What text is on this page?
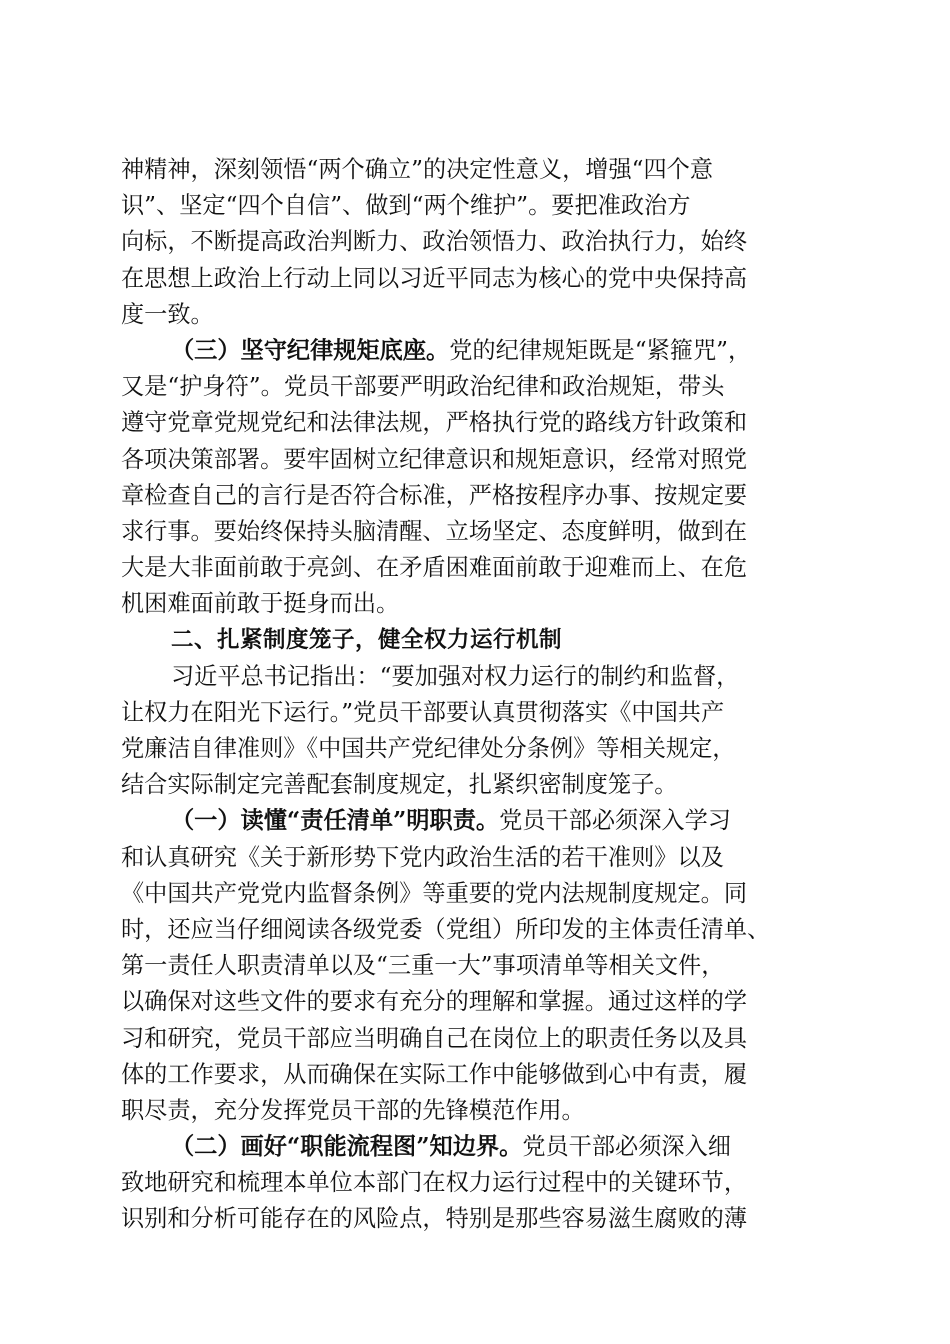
神精神，深刻领悟“两个确立”的决定性意义，增强“四个意
识”、坚定“四个自信”、做到“两个维护”。要把准政治方
向标，不断提高政治判断力、政治领悟力、政治执行力，始终
在思想上政治上行动上同以习近平同志为核心的党中央保持高
度一致。
（三）坚守纪律规矩底座。党的纪律规矩既是“紧箍咒”，
又是“护身符”。党员干部要严明政治纪律和政治规矩，带头
遵守党章党规党纪和法律法规，严格执行党的路线方针政策和
各项决策部署。要牢固树立纪律意识和规矩意识，经常对照党
章检查自己的言行是否符合标准，严格按程序办事、按规定要
求行事。要始终保持头脑清醒、立场坚定、态度鲜明，做到在
大是大非面前敢于亮剑、在矛盾困难面前敢于迎难而上、在危
机困难面前敢于挺身而出。
二、扎紧制度笼子，健全权力运行机制
习近平总书记指出：“要加强对权力运行的制约和监督，
让权力在阳光下运行。”党员干部要认真贯彻落实《中国共产
党廉洁自律准则》《中国共产党纪律处分条例》等相关规定，
结合实际制定完善配套制度规定，扎紧织密制度笼子。
（一）读懂“责任清单”明职责。党员干部必须深入学习
和认真研究《关于新形势下党内政治生活的若干准则》以及
《中国共产党党内监督条例》等重要的党内法规制度规定。同
时，还应当仔细阅读各级党委（党组）所印发的主体责任清单、
第一责任人职责清单以及“三重一大”事项清单等相关文件，
以确保对这些文件的要求有充分的理解和掌握。通过这样的学
习和研究，党员干部应当明确自己在岗位上的职责任务以及具
体的工作要求，从而确保在实际工作中能够做到心中有责，履
职尽责，充分发挥党员干部的先锋模范作用。
（二）画好“职能流程图”知边界。党员干部必须深入细
致地研究和梳理本单位本部门在权力运行过程中的关键环节，
识别和分析可能存在的风险点，特别是那些容易滋生腐败的薄
